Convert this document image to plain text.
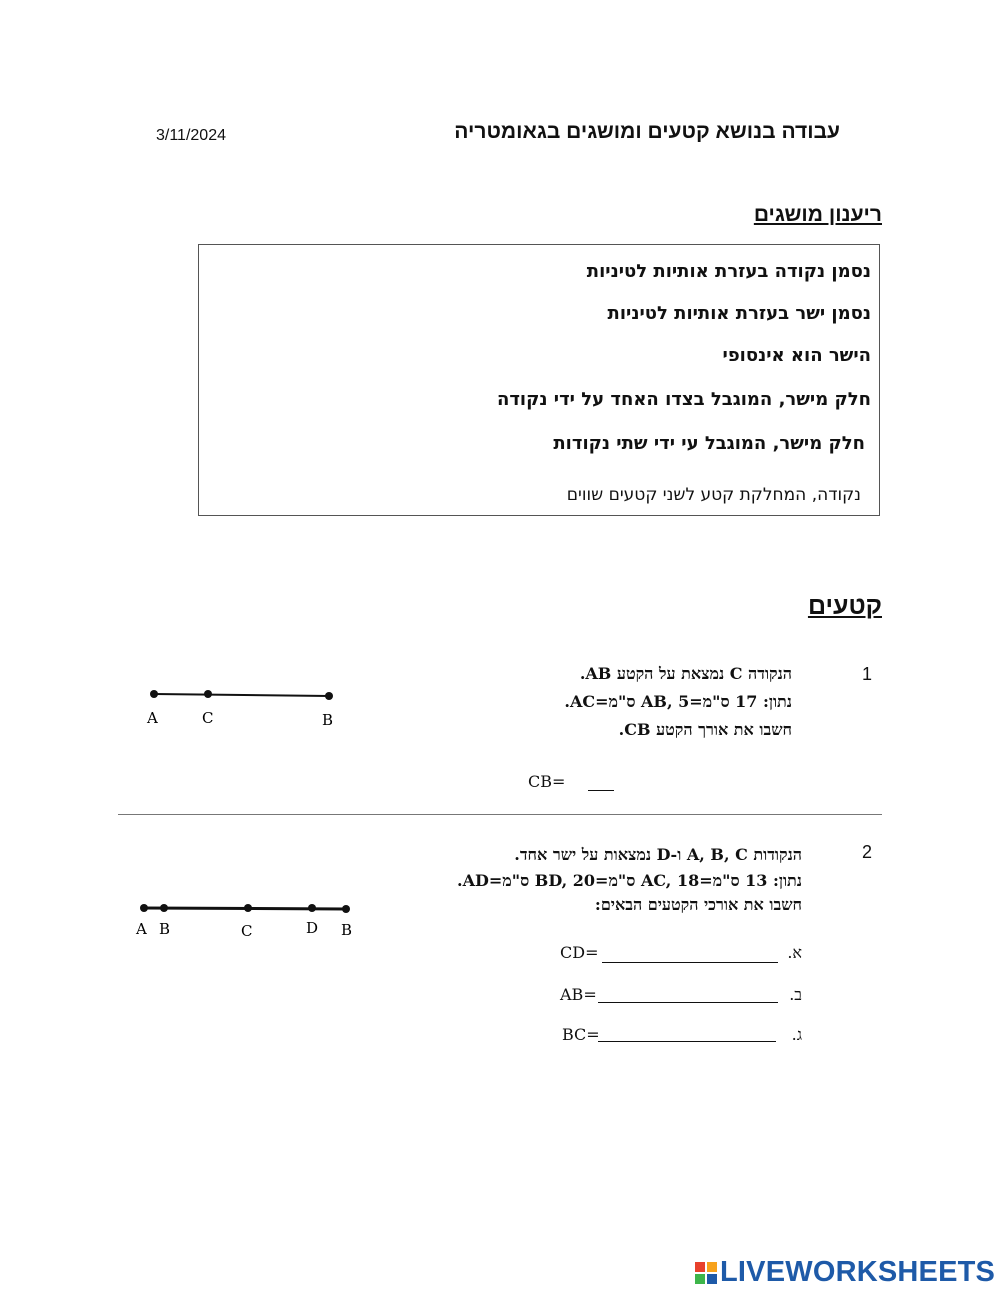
עבודה בנושא קטעים ומושגים בגאומטריה
3/11/2024
ריענון מושגים
נסמן נקודה בעזרת אותיות לטיניות
נסמן ישר בעזרת אותיות לטיניות
הישר הוא אינסופי
חלק מישר, המוגבל בצדו האחד על ידי נקודה
חלק מישר, המוגבל עי ידי שתי נקודות
נקודה, המחלקת קטע לשני קטעים שווים
קטעים
1
הנקודה C נמצאת על הקטע AB.
נתון: 17 ס"מ=AB, 5 ס"מ=AC.
חשבו את אורך הקטע CB.
CB=
A	C	B
2
הנקודות A, B, C ו-D נמצאות על ישר אחד.
נתון: 13 ס"מ=AC, 18 ס"מ=BD, 20 ס"מ=AD.
חשבו את אורכי הקטעים הבאים:
א.
CD=
ב.
AB=
ג.
BC=
A B	C	D B
LIVEWORKSHEETS
